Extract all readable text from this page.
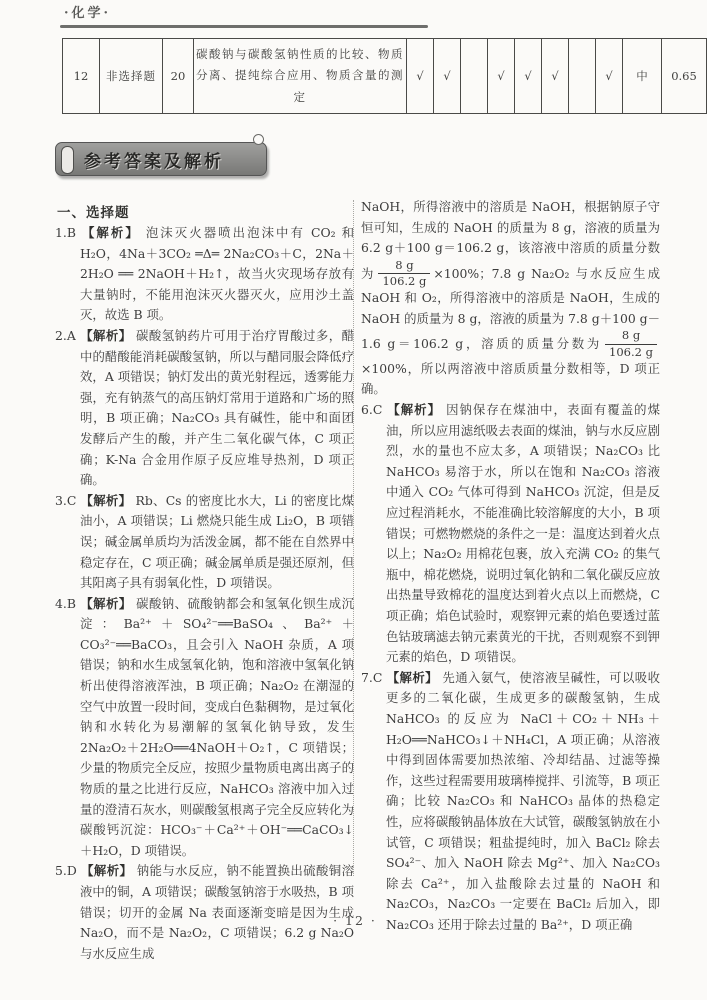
·化学·
12	非选择题	20	碳酸钠与碳酸氢钠性质的比较、物质分离、提纯综合应用、物质含量的测定	√	√		√	√	√		√	中	0.65
参考答案及解析
一、选择题

1.B 【解析】 泡沫灭火器喷出泡沫中有 CO₂ 和 H₂O，4Na＋3CO₂ ═Δ═ 2Na₂CO₃＋C，2Na＋2H₂O ══ 2NaOH＋H₂↑，故当火灾现场存放有大量钠时，不能用泡沫灭火器灭火，应用沙土盖灭，故选 B 项。

2.A 【解析】 碳酸氢钠药片可用于治疗胃酸过多，醋中的醋酸能消耗碳酸氢钠，所以与醋同服会降低疗效，A 项错误；钠灯发出的黄光射程远，透雾能力强，充有钠蒸气的高压钠灯常用于道路和广场的照明，B 项正确；Na₂CO₃ 具有碱性，能中和面团发酵后产生的酸，并产生二氧化碳气体，C 项正确；K-Na 合金用作原子反应堆导热剂，D 项正确。

3.C 【解析】 Rb、Cs 的密度比水大，Li 的密度比煤油小，A 项错误；Li 燃烧只能生成 Li₂O，B 项错误；碱金属单质均为活泼金属，都不能在自然界中稳定存在，C 项正确；碱金属单质是强还原剂，但其阳离子具有弱氧化性，D 项错误。

4.B 【解析】 碳酸钠、硫酸钠都会和氢氧化钡生成沉淀：Ba²⁺＋SO₄²⁻══BaSO₄、Ba²⁺＋CO₃²⁻══BaCO₃，且会引入 NaOH 杂质，A 项错误；钠和水生成氢氧化钠，饱和溶液中氢氧化钠析出使得溶液浑浊，B 项正确；Na₂O₂ 在潮湿的空气中放置一段时间，变成白色黏稠物，是过氧化钠和水转化为易潮解的氢氧化钠导致，发生 2Na₂O₂＋2H₂O══4NaOH＋O₂↑，C 项错误；少量的物质完全反应，按照少量物质电离出离子的物质的量之比进行反应，NaHCO₃ 溶液中加入过量的澄清石灰水，则碳酸氢根离子完全反应转化为碳酸钙沉淀：HCO₃⁻＋Ca²⁺＋OH⁻══CaCO₃↓＋H₂O，D 项错误。

5.D 【解析】 钠能与水反应，钠不能置换出硫酸铜溶液中的铜，A 项错误；碳酸氢钠溶于水吸热，B 项错误；切开的金属 Na 表面逐渐变暗是因为生成 Na₂O，而不是 Na₂O₂，C 项错误；6.2 g Na₂O 与水反应生成

NaOH，所得溶液中的溶质是 NaOH，根据钠原子守恒可知，生成的 NaOH 的质量为 8 g，溶液的质量为 6.2 g＋100 g＝106.2 g，该溶液中溶质的质量分数为 $\frac{8 g}{106.2 g} \times 100\%$；7.8 g Na₂O₂ 与水反应生成 NaOH 和 O₂，所得溶液中的溶质是 NaOH，生成的 NaOH 的质量为 8 g，溶液的质量为 7.8 g＋100 g－1.6 g＝106.2 g，溶质的质量分数为 $\frac{8 g}{106.2 g}$
×100%，所以两溶液中溶质质量分数相等，D 项正确。

6.C 【解析】 因钠保存在煤油中，表面有覆盖的煤油，所以应用滤纸吸去表面的煤油，钠与水反应剧烈，水的量也不应太多，A 项错误；Na₂CO₃ 比 NaHCO₃ 易溶于水，所以在饱和 Na₂CO₃ 溶液中通入 CO₂ 气体可得到 NaHCO₃ 沉淀，但是反应过程消耗水，不能准确比较溶解度的大小，B 项错误；可燃物燃烧的条件之一是：温度达到着火点以上；Na₂O₂ 用棉花包裹，放入充满 CO₂ 的集气瓶中，棉花燃烧，说明过氧化钠和二氧化碳反应放出热量导致棉花的温度达到着火点以上而燃烧，C 项正确；焰色试验时，观察钾元素的焰色要透过蓝色钴玻璃滤去钠元素黄光的干扰，否则观察不到钾元素的焰色，D 项错误。

7.C 【解析】 先通入氨气，使溶液呈碱性，可以吸收更多的二氧化碳，生成更多的碳酸氢钠，生成 NaHCO₃ 的反应为 NaCl＋CO₂＋NH₃＋H₂O══NaHCO₃↓＋NH₄Cl，A 项正确；从溶液中得到固体需要加热浓缩、冷却结晶、过滤等操作，这些过程需要用玻璃棒搅拌、引流等，B 项正确；比较 Na₂CO₃ 和 NaHCO₃ 晶体的热稳定性，应将碳酸钠晶体放在大试管，碳酸氢钠放在小试管，C 项错误；粗盐提纯时，加入 BaCl₂ 除去 SO₄²⁻、加入 NaOH 除去 Mg²⁺、加入 Na₂CO₃ 除去 Ca²⁺，加入盐酸除去过量的 NaOH 和 Na₂CO₃，Na₂CO₃ 一定要在 BaCl₂ 后加入，即 Na₂CO₃ 还用于除去过量的 Ba²⁺，D 项正确

· 12 ·
